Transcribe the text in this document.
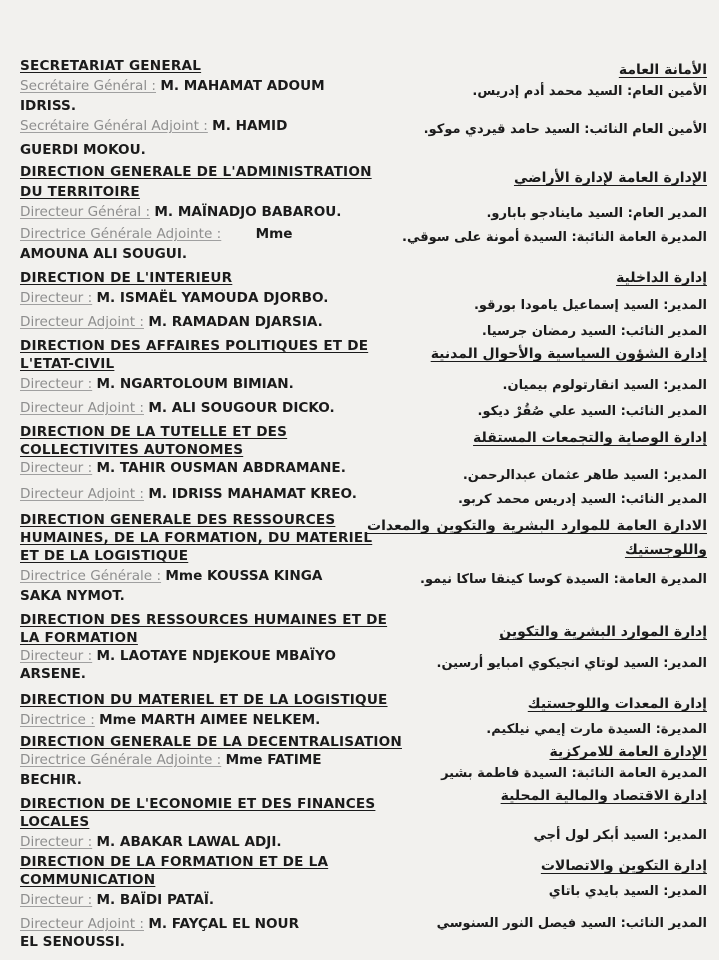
SECRETARIAT GENERAL
Secrétaire Général : M. MAHAMAT ADOUM
IDRISS.
Secrétaire Général Adjoint : M. HAMID
GUERDI MOKOU.
DIRECTION GENERALE DE L'ADMINISTRATION
DU TERRITOIRE
Directeur Général : M. MAÏNADJO BABAROU.
Directrice Générale Adjointe :	Mme
AMOUNA ALI SOUGUI.
DIRECTION DE L'INTERIEUR
Directeur : M. ISMAËL YAMOUDA DJORBO.
Directeur Adjoint : M. RAMADAN DJARSIA.
DIRECTION DES AFFAIRES POLITIQUES ET DE
L'ETAT-CIVIL
Directeur : M. NGARTOLOUM BIMIAN.
Directeur Adjoint : M. ALI SOUGOUR DICKO.
DIRECTION DE LA TUTELLE ET DES
COLLECTIVITES AUTONOMES
Directeur : M. TAHIR OUSMAN ABDRAMANE.
Directeur Adjoint : M. IDRISS MAHAMAT KREO.
DIRECTION GENERALE DES RESSOURCES
HUMAINES, DE LA FORMATION, DU MATERIEL
ET DE LA LOGISTIQUE
Directrice Générale : Mme KOUSSA KINGA
SAKA NYMOT.
DIRECTION DES RESSOURCES HUMAINES ET DE
LA FORMATION
Directeur : M. LAOTAYE NDJEKOUE MBAÏYO
ARSENE.
DIRECTION DU MATERIEL ET DE LA LOGISTIQUE
Directrice : Mme MARTH AIMEE NELKEM.
DIRECTION GENERALE DE LA DECENTRALISATION
Directrice Générale Adjointe : Mme FATIME
BECHIR.
DIRECTION DE L'ECONOMIE ET DES FINANCES
LOCALES
Directeur : M. ABAKAR LAWAL ADJI.
DIRECTION DE LA FORMATION ET DE LA
COMMUNICATION
Directeur : M. BAÏDI PATAÏ.
Directeur Adjoint : M. FAYÇAL EL NOUR
EL SENOUSSI.
الأمانة العامة
الأمين العام: السيد محمد أدم إدريس.
الأمين العام النائب: السيد حامد قيردي موكو.
الإدارة العامة لإدارة الأراضي
المدير العام: السيد ماينادجو بابارو.
المديرة العامة النائبة: السيدة أمونة على سوقي.
إدارة الداخلية
المدير: السيد إسماعيل يامودا بورقو.
المدير النائب: السيد رمضان جرسيا.
إدارة الشؤون السياسية والأحوال المدنية
المدير: السيد انقارتولوم بيميان.
المدير النائب: السيد علي صُقُرْ ديكو.
إدارة الوصاية والتجمعات المستقلة
المدير: السيد طاهر عثمان عبدالرحمن.
المدير النائب: السيد إدريس محمد كربو.
الادارة العامة للموارد البشرية والتكوين والمعدات
واللوجستيك
المديرة العامة: السيدة كوسا كينقا ساكا نيمو.
إدارة الموارد البشرية والتكوين
المدير: السيد لوتاي انجيكوي امبايو أرسين.
إدارة المعدات واللوجستيك
المديرة: السيدة مارت إيمي نيلكيم.
الإدارة العامة للامركزية
المديرة العامة النائبة: السيدة فاطمة بشير
إدارة الاقتصاد والمالية المحلية
المدير: السيد أبكر لول أجي
إدارة التكوين والاتصالات
المدير: السيد بايدي باتاي
المدير النائب: السيد فيصل النور السنوسي
